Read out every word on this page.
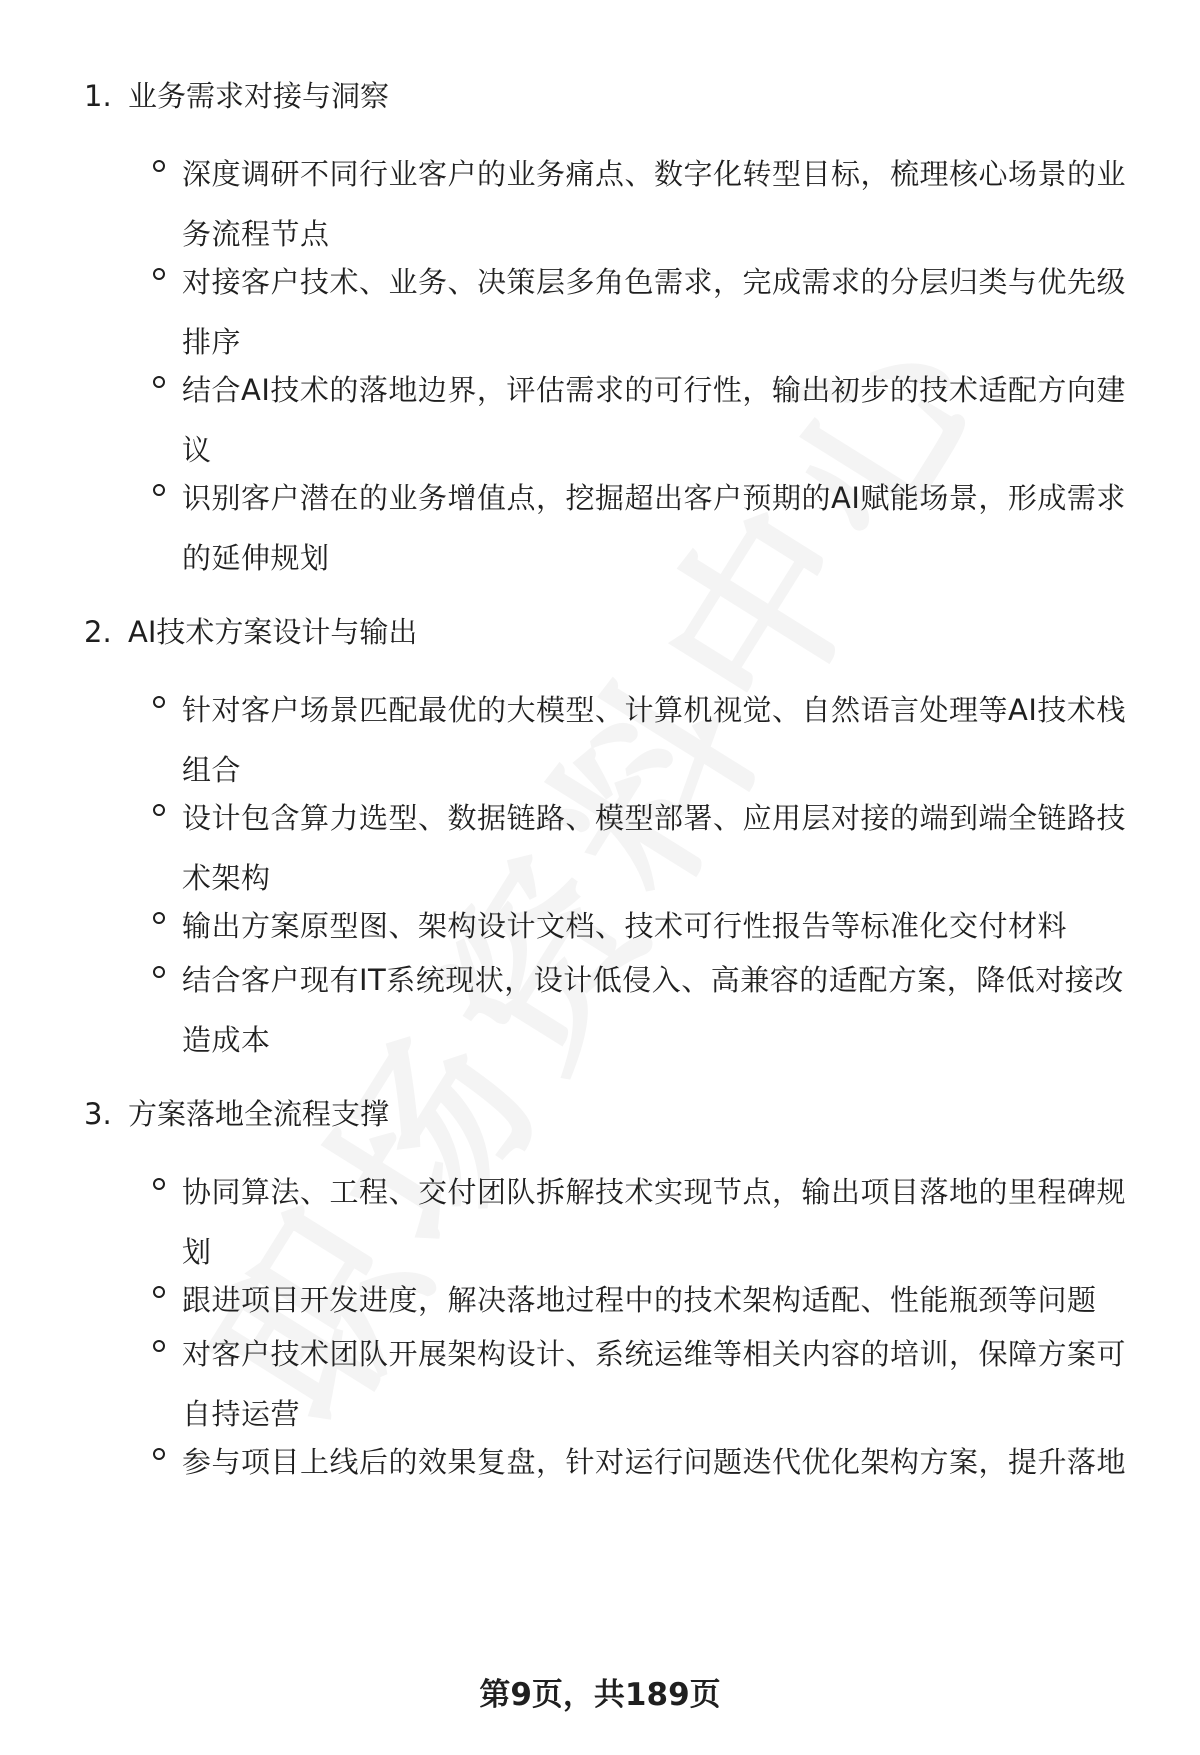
1. 业务需求对接与洞察
深度调研不同行业客户的业务痛点、数字化转型目标，梳理核心场景的业务流程节点
对接客户技术、业务、决策层多角色需求，完成需求的分层归类与优先级排序
结合AI技术的落地边界，评估需求的可行性，输出初步的技术适配方向建议
识别客户潜在的业务增值点，挖掘超出客户预期的AI赋能场景，形成需求的延伸规划
2. AI技术方案设计与输出
针对客户场景匹配最优的大模型、计算机视觉、自然语言处理等AI技术栈组合
设计包含算力选型、数据链路、模型部署、应用层对接的端到端全链路技术架构
输出方案原型图、架构设计文档、技术可行性报告等标准化交付材料
结合客户现有IT系统现状，设计低侵入、高兼容的适配方案，降低对接改造成本
3. 方案落地全流程支撑
协同算法、工程、交付团队拆解技术实现节点，输出项目落地的里程碑规划
跟进项目开发进度，解决落地过程中的技术架构适配、性能瓶颈等问题
对客户技术团队开展架构设计、系统运维等相关内容的培训，保障方案可自持运营
参与项目上线后的效果复盘，针对运行问题迭代优化架构方案，提升落地
第9页，共189页
